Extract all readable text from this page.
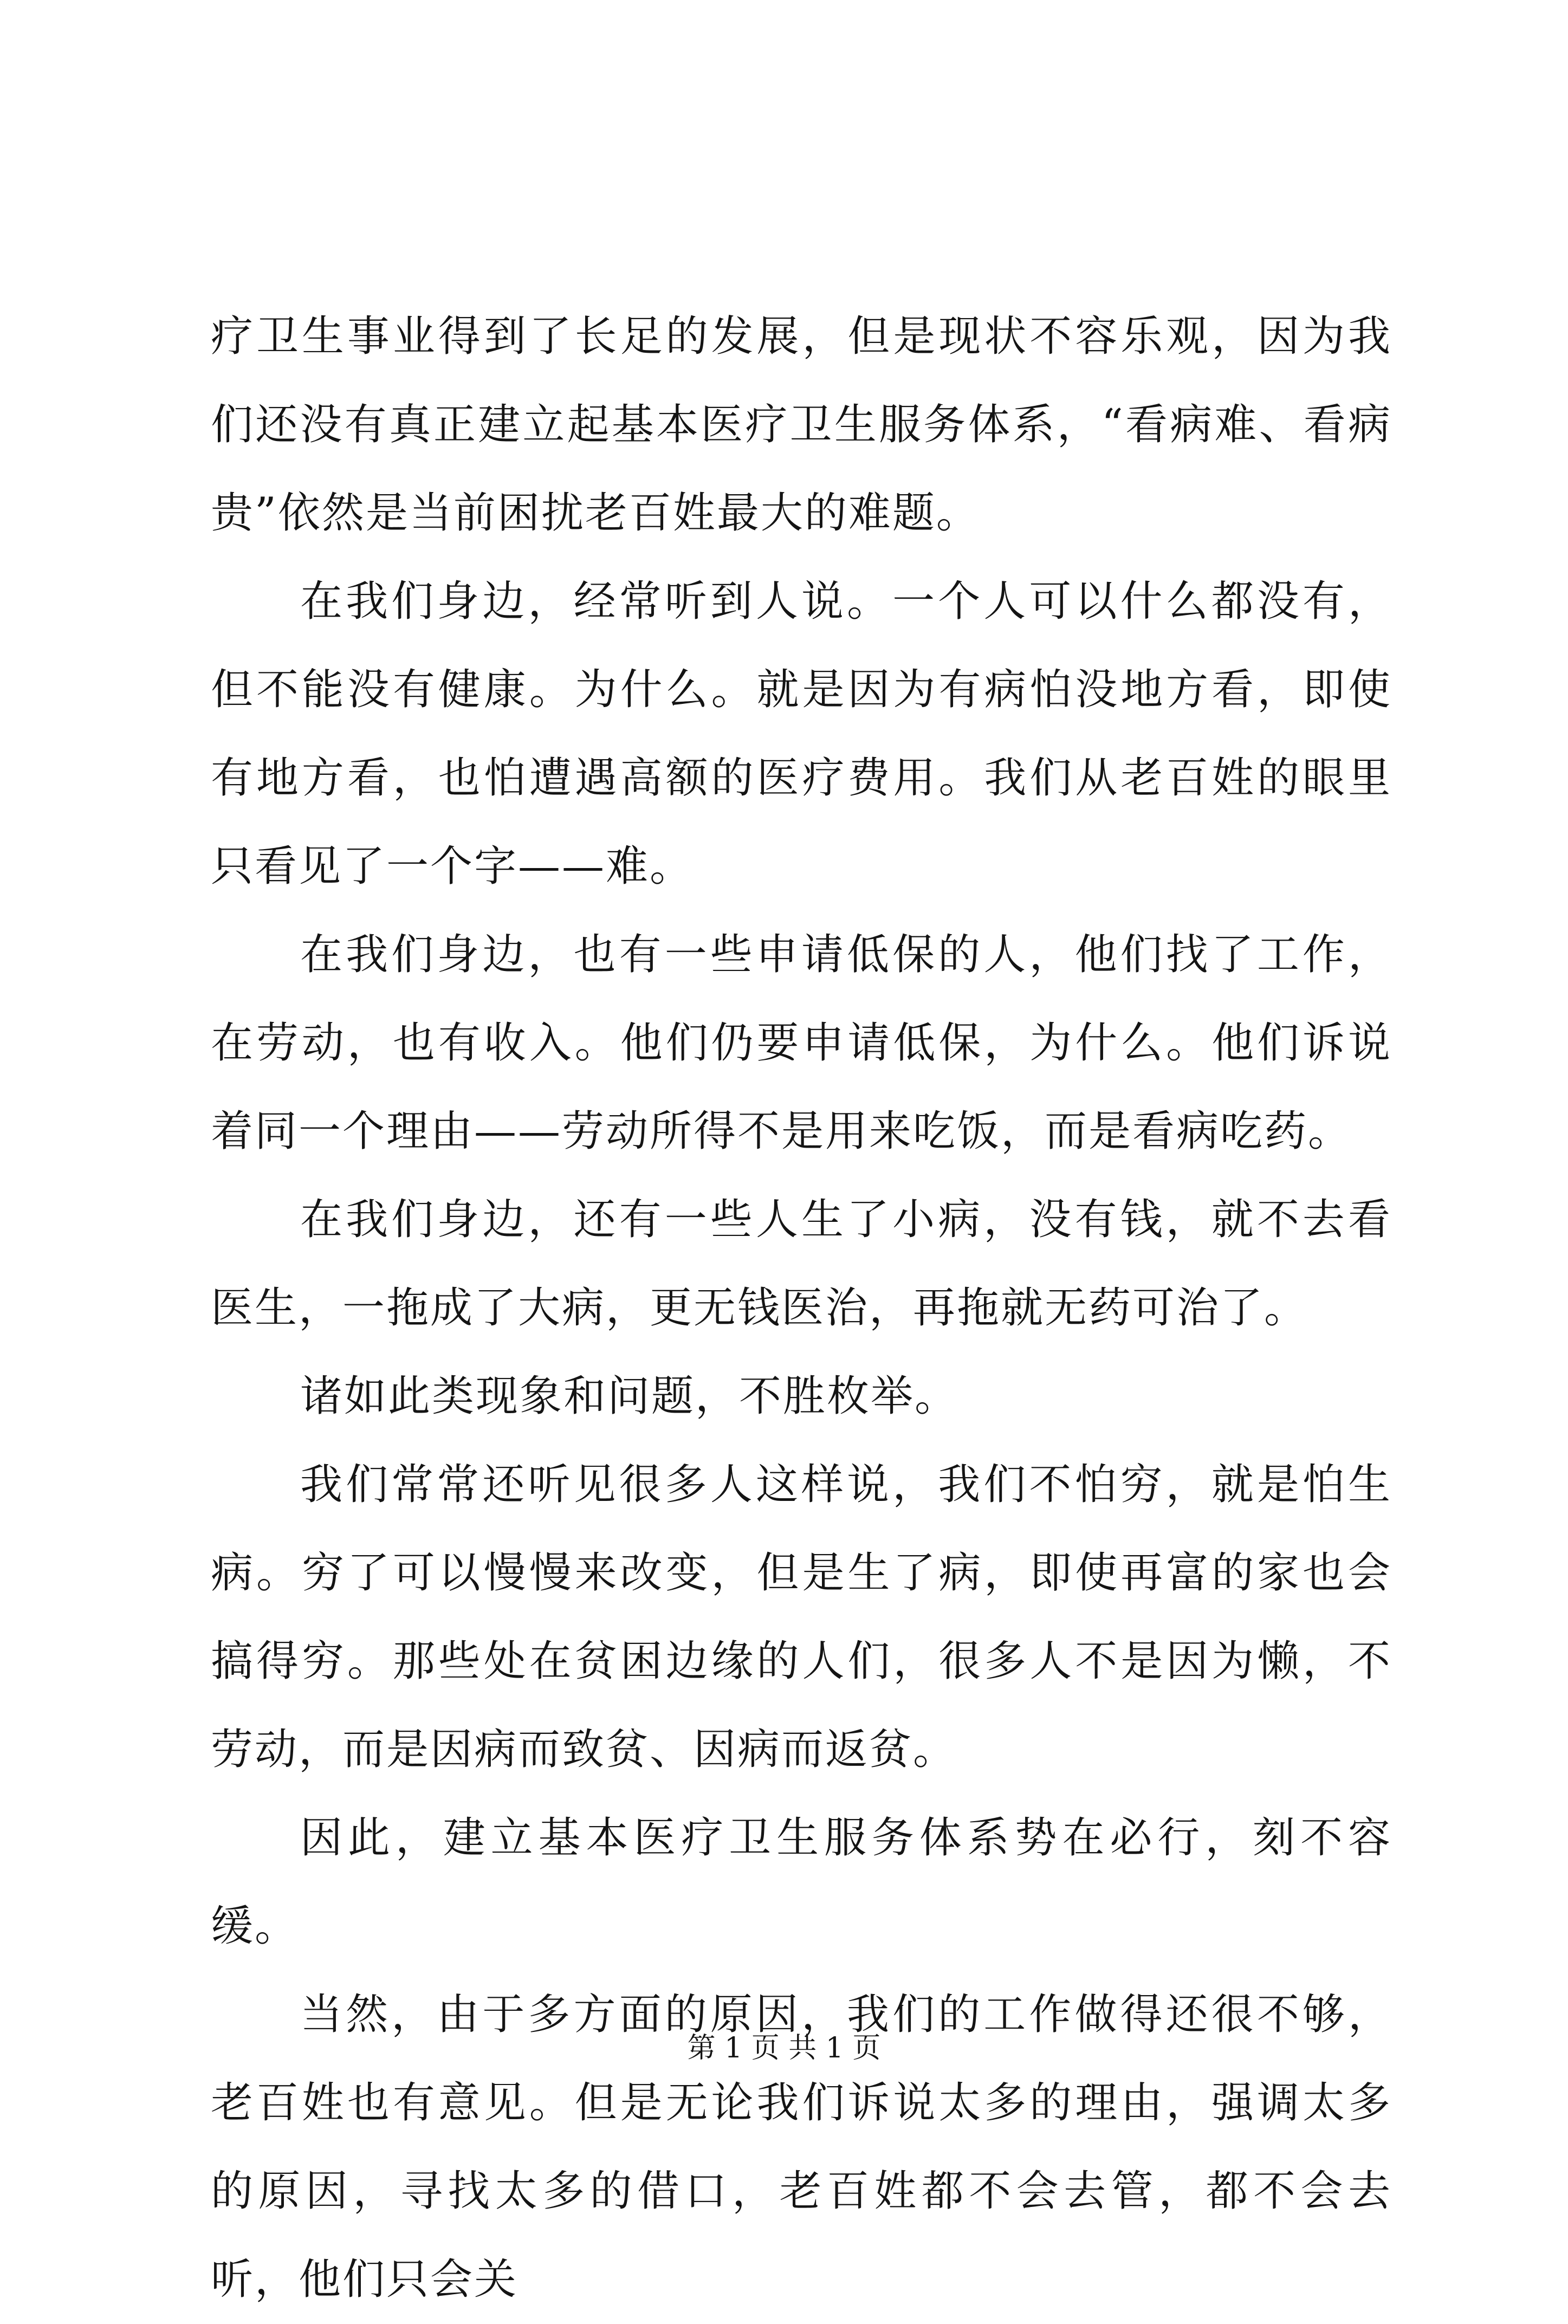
疗卫生事业得到了长足的发展，但是现状不容乐观，因为我们还没有真正建立起基本医疗卫生服务体系，“看病难、看病贵”依然是当前困扰老百姓最大的难题。

在我们身边，经常听到人说。一个人可以什么都没有，但不能没有健康。为什么。就是因为有病怕没地方看，即使有地方看，也怕遭遇高额的医疗费用。我们从老百姓的眼里只看见了一个字——难。

在我们身边，也有一些申请低保的人，他们找了工作，在劳动，也有收入。他们仍要申请低保，为什么。他们诉说着同一个理由——劳动所得不是用来吃饭，而是看病吃药。

在我们身边，还有一些人生了小病，没有钱，就不去看医生，一拖成了大病，更无钱医治，再拖就无药可治了。

诸如此类现象和问题，不胜枚举。

我们常常还听见很多人这样说，我们不怕穷，就是怕生病。穷了可以慢慢来改变，但是生了病，即使再富的家也会搞得穷。那些处在贫困边缘的人们，很多人不是因为懒，不劳动，而是因病而致贫、因病而返贫。

因此，建立基本医疗卫生服务体系势在必行，刻不容缓。

当然，由于多方面的原因，我们的工作做得还很不够，老百姓也有意见。但是无论我们诉说太多的理由，强调太多的原因，寻找太多的借口，老百姓都不会去管，都不会去听，他们只会关

第 1 页 共 1 页
